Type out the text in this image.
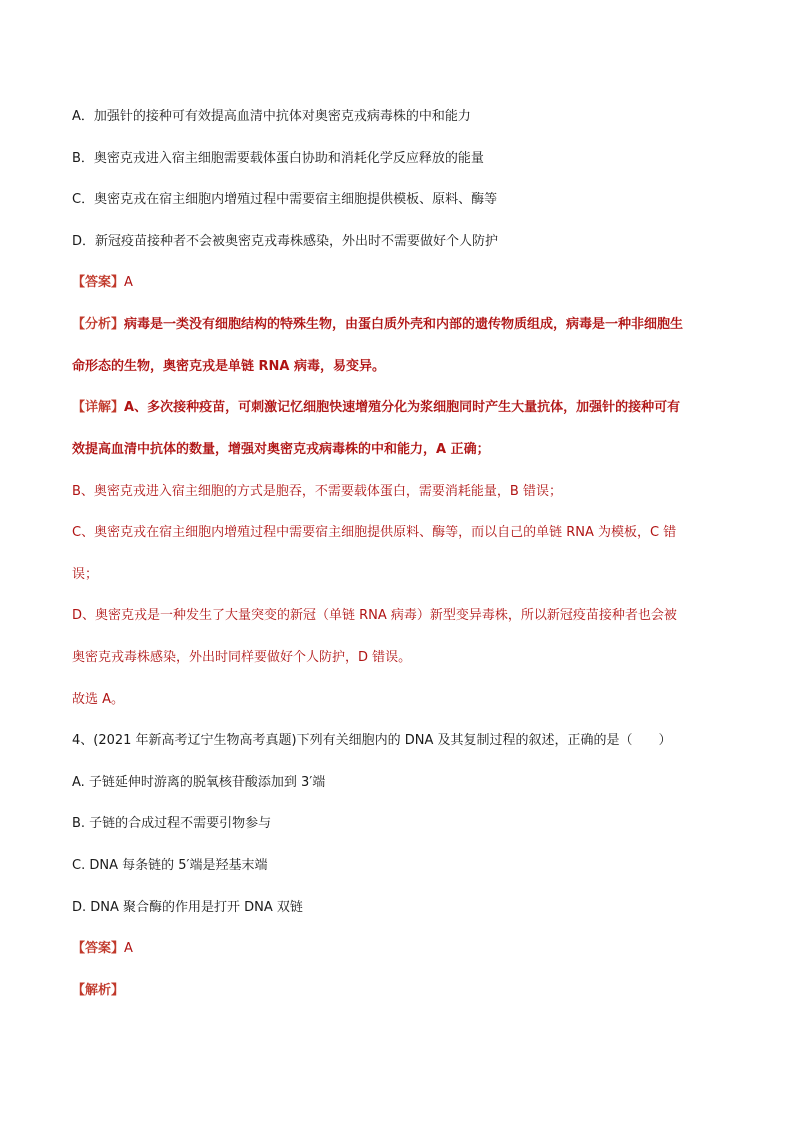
A．加强针的接种可有效提高血清中抗体对奥密克戎病毒株的中和能力
B．奥密克戎进入宿主细胞需要载体蛋白协助和消耗化学反应释放的能量
C．奥密克戎在宿主细胞内增殖过程中需要宿主细胞提供模板、原料、酶等
D．新冠疫苗接种者不会被奥密克戎毒株感染，外出时不需要做好个人防护
【答案】A
【分析】病毒是一类没有细胞结构的特殊生物，由蛋白质外壳和内部的遗传物质组成，病毒是一种非细胞生
命形态的生物，奥密克戎是单链 RNA 病毒，易变异。
【详解】A、多次接种疫苗，可刺激记忆细胞快速增殖分化为浆细胞同时产生大量抗体，加强针的接种可有
效提高血清中抗体的数量，增强对奥密克戎病毒株的中和能力，A 正确；
B、奥密克戎进入宿主细胞的方式是胞吞，不需要载体蛋白，需要消耗能量，B 错误；
C、奥密克戎在宿主细胞内增殖过程中需要宿主细胞提供原料、酶等，而以自己的单链 RNA 为模板，C 错
误；
D、奥密克戎是一种发生了大量突变的新冠（单链 RNA 病毒）新型变异毒株，所以新冠疫苗接种者也会被
奥密克戎毒株感染，外出时同样要做好个人防护，D 错误。
故选 A。
4、(2021 年新高考辽宁生物高考真题)下列有关细胞内的 DNA 及其复制过程的叙述，正确的是（　　）
A. 子链延伸时游离的脱氧核苷酸添加到 3′端
B. 子链的合成过程不需要引物参与
C. DNA 每条链的 5′端是羟基末端
D. DNA 聚合酶的作用是打开 DNA 双链
【答案】A
【解析】
